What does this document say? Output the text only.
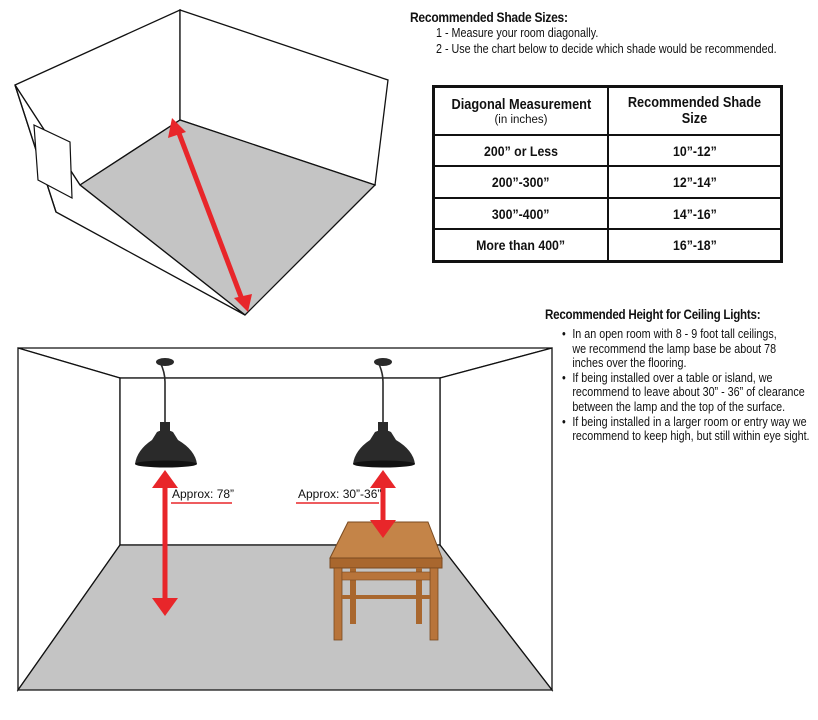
Approx: 78”	Approx: 30”-36”
Recommended Shade Sizes:
1 - Measure your room diagonally.
2 - Use the chart below to decide which shade would be recommended.
Diagonal Measurement
(in inches)	Recommended Shade Size
200” or Less	10”-12”
200”-300”	12”-14”
300”-400”	14”-16”
More than 400”	16”-18”
Recommended Height for Ceiling Lights:
• In an open room with 8 - 9 foot tall ceilings,
we recommend the lamp base be about 78
inches over the flooring.
• If being installed over a table or island, we
recommend to leave about 30” - 36” of clearance
between the lamp and the top of the surface.
• If being installed in a larger room or entry way we
recommend to keep high, but still within eye sight.
